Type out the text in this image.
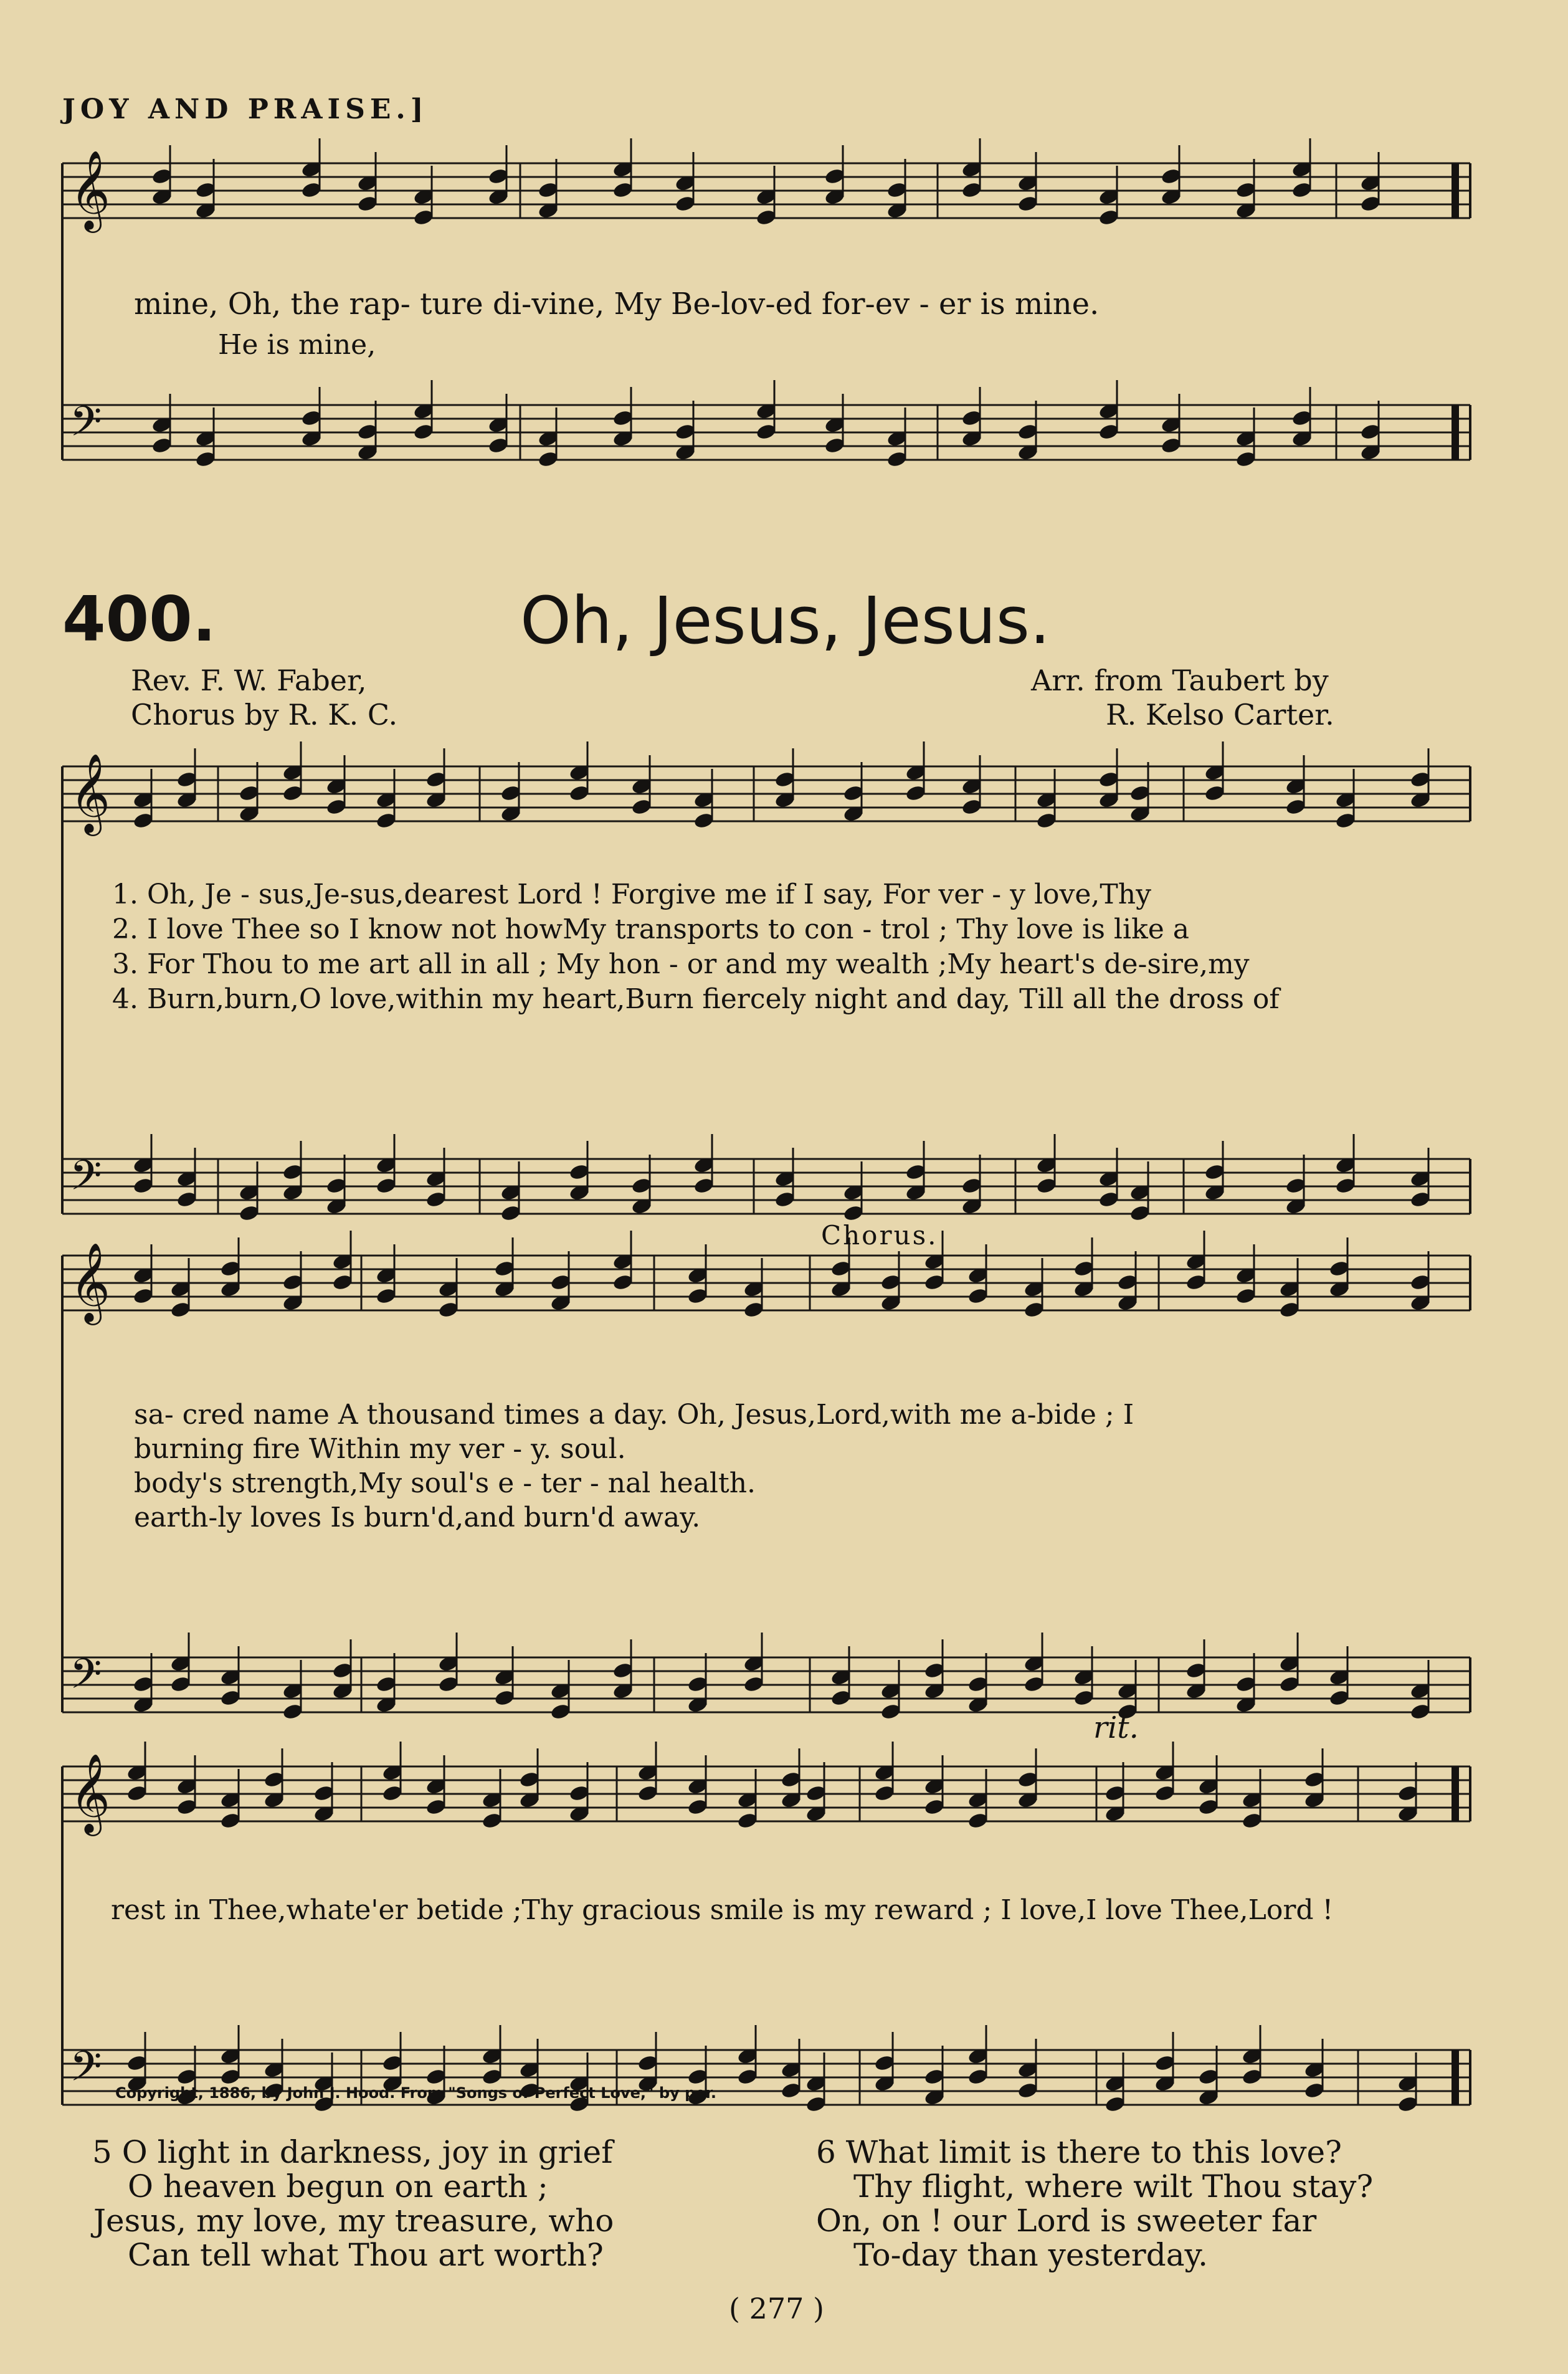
JOY AND PRAISE.]
𝄞
𝄢
𝄞
𝄢
𝄞
𝄢
𝄞
𝄢
mine, Oh, the rap- ture di-vine, My Be-lov-ed for-ev - er is mine.
He is mine,
400.	Oh, Jesus, Jesus.
Rev. F. W. Faber,
Chorus by R. K. C.
Arr. from Taubert by
R. Kelso Carter.
1. Oh, Je - sus,Je-sus,dearest Lord ! Forgive me if I say, For ver - y love,Thy
2. I love Thee so I know not howMy transports to con - trol ; Thy love is like a
3. For Thou to me art all in all ; My hon - or and my wealth ;My heart's de-sire,my
4. Burn,burn,O love,within my heart,Burn fiercely night and day, Till all the dross of
Chorus.
sa- cred name A thousand times a day. Oh, Jesus,Lord,with me a-bide ; I
burning fire Within my ver - y. soul.
body's strength,My soul's e - ter - nal health.
earth-ly loves Is burn'd,and burn'd away.
rit.
rest in Thee,whate'er betide ;Thy gracious smile is my reward ; I love,I love Thee,Lord !
Copyright, 1886, by John J. Hood. From "Songs of Perfect Love," by per.
5 O light in darkness, joy in grief
O heaven begun on earth ;
Jesus, my love, my treasure, who
Can tell what Thou art worth?
6 What limit is there to this love?
Thy flight, where wilt Thou stay?
On, on ! our Lord is sweeter far
To-day than yesterday.
( 277 )
